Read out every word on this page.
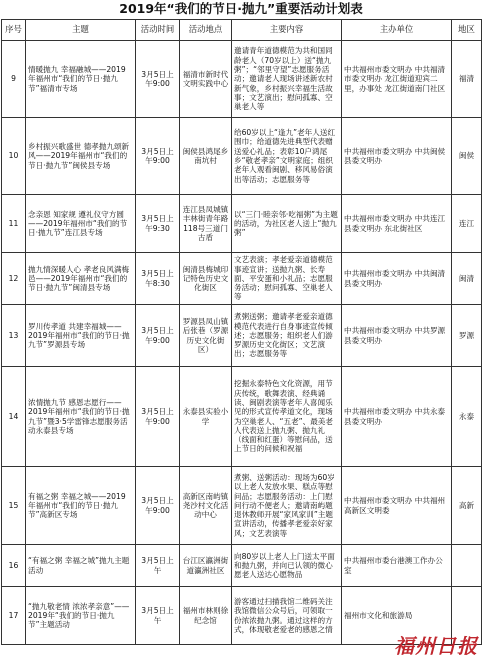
2019年“我们的节日·抛九”重要活动计划表
序号	主题	活动时间	活动地点	主要内容	主办单位	地区
9	情暖抛九 幸福融城——2019年福州市“我们的节日·抛九节”福清市专场	3月5日上午9:00	福清市新时代文明实践中心	邀请青年道德模范为共和国同龄老人（70岁以上）送“抛九粥”；“邻里守望”志愿服务活动；邀请老人现场讲述新农村新气象，乡村振兴幸福生活故事；文艺演出；慰问孤寡、空巢老人等	中共福州市委文明办 中共福清市委文明办 龙江街道迎宾二里，办事处 龙江街道南门社区	福清
10	乡村振兴歌盛世 德孝抛九颂新风——2019年福州市“我们的节日·抛九节”闽侯县专场	3月5日上午9:00	闽侯县鸿尾乡南坑村	给60岁以上“逢九”老年人送红围巾；给道德先进典型代表赠送爱心礼品；表彰10户鸿尾乡“敬老孝亲”文明家庭；组织老年人观看闽剧、移风易俗演出等活动；志愿服务等	中共福州市委文明办 中共闽侯县委文明办	闽侯
11	念亲恩 知家规 遵礼仪守方圆——2019年福州市“我们的节日·抛九节”连江县专场	3月5日上午9:30	连江县凤城镇丰林街青年路118号三道门古盾	以“三门·睦亲邻·吃福粥”为主题的活动，为社区老人送上“抛九粥”	中共福州市委文明办 中共连江县委文明办 东北街社区	连江
12	抛九情深暖人心 孝老良风满梅邑——2019年福州市“我们的节日·抛九节”闽清县专场	3月5日上午8:30	闽清县梅城印记特色历史文化街区	文艺表演；孝老爱亲道德模范事迹宣讲；送抛九粥、长寿面、平安蛋和小礼品；志愿服务活动；慰问孤寡、空巢老人等	中共福州市委文明办 中共闽清县委文明办	闽清
13	罗川传孝道 共建幸福城——2019年福州市“我们的节日·抛九节”罗源县专场	3月5日上午9:00	罗源县凤山镇后张巷（罗源历史文化街区）	煮粥送粥；邀请孝老爱亲道德模范代表进行自身事迹宣传倾述；志愿服务；组织老人们游罗源历史文化街区；文艺演出；志愿服务等	中共福州市委文明办 中共罗源县委文明办	罗源
14	浓情抛九节 感恩志愿行——2019年福州市“我们的节日·抛九节”暨3·5学雷锋志愿服务活动永泰县专场	3月5日上午9:00	永泰县实验小学	挖掘永泰特色文化资源，用节庆传统，歌舞表演、经典诵读、闽剧表演等老年人喜闻乐见的形式宣传孝道文化，现场为空巢老人、“五老”、最美老人代表送上抛九粥、抛九礼（线面和红蛋）等慰问品，送上节日的问候和祝福	中共福州市委文明办 中共永泰县委文明办	永泰
15	有福之粥 幸福之城——2019年福州市“我们的节日·抛九节”高新区专场	3月5日上午9:00	高新区南屿镇尧沙村文化活动中心	煮粥、送粥活动：现场为60岁以上老人发放水果、糕点等慰问品；志愿服务活动：上门慰问行动不便老人；邀请南屿题退休教师开展“家风家训”主题宣讲活动，传播孝老爱亲好家风；文艺表演等	中共福州市委文明办 中共福州高新区文明委	高新
16	“有福之粥 幸福之城”抛九主题活动	3月5日上午	台江区瀛洲街道瀛洲社区	向80岁以上老人上门送太平面和抛九粥，并向已认领的微心愿老人送达心愿物品	中共福州市委台港澳工作办公室	
17	“抛九敬老情 浓浓孝亲意”——2019年“我们的节日·抛九节”主题活动	3月5日上午	福州市林则徐纪念馆	游客通过扫描我馆二维码关注我馆微信公众号后，可领取一份浓浓抛九粥。通过这样的方式，体现敬老爱老的感恩之情	福州市文化和旅游局	
福州日报
